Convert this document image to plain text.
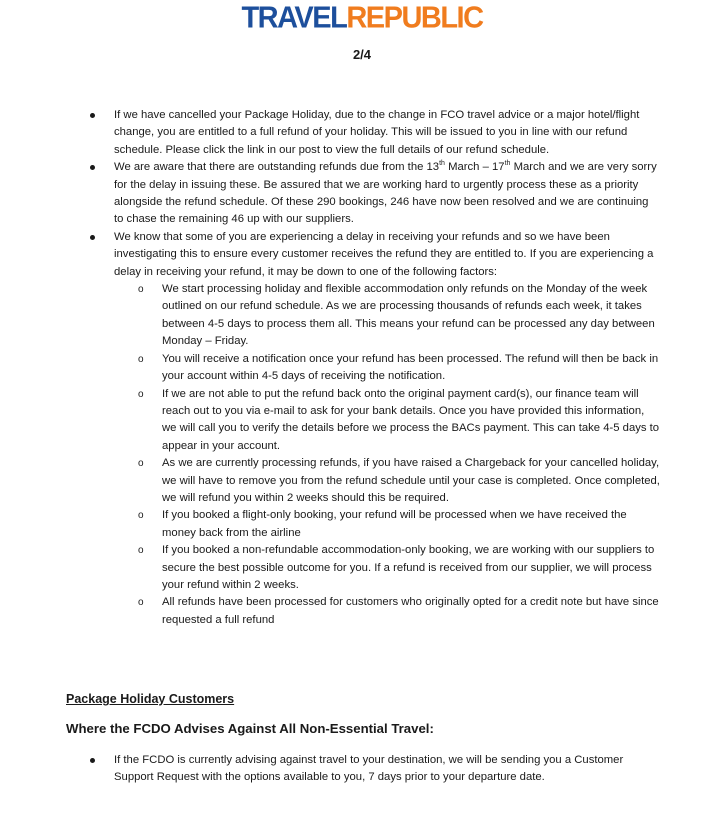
TRAVELREPUBLIC
2/4
If we have cancelled your Package Holiday, due to the change in FCO travel advice or a major hotel/flight change, you are entitled to a full refund of your holiday. This will be issued to you in line with our refund schedule. Please click the link in our post to view the full details of our refund schedule.
We are aware that there are outstanding refunds due from the 13th March – 17th March and we are very sorry for the delay in issuing these. Be assured that we are working hard to urgently process these as a priority alongside the refund schedule. Of these 290 bookings, 246 have now been resolved and we are continuing to chase the remaining 46 up with our suppliers.
We know that some of you are experiencing a delay in receiving your refunds and so we have been investigating this to ensure every customer receives the refund they are entitled to. If you are experiencing a delay in receiving your refund, it may be down to one of the following factors:
o We start processing holiday and flexible accommodation only refunds on the Monday of the week outlined on our refund schedule. As we are processing thousands of refunds each week, it takes between 4-5 days to process them all. This means your refund can be processed any day between Monday – Friday.
o You will receive a notification once your refund has been processed. The refund will then be back in your account within 4-5 days of receiving the notification.
o If we are not able to put the refund back onto the original payment card(s), our finance team will reach out to you via e-mail to ask for your bank details. Once you have provided this information, we will call you to verify the details before we process the BACs payment. This can take 4-5 days to appear in your account.
o As we are currently processing refunds, if you have raised a Chargeback for your cancelled holiday, we will have to remove you from the refund schedule until your case is completed. Once completed, we will refund you within 2 weeks should this be required.
o If you booked a flight-only booking, your refund will be processed when we have received the money back from the airline
o If you booked a non-refundable accommodation-only booking, we are working with our suppliers to secure the best possible outcome for you. If a refund is received from our supplier, we will process your refund within 2 weeks.
o All refunds have been processed for customers who originally opted for a credit note but have since requested a full refund
Package Holiday Customers
Where the FCDO Advises Against All Non-Essential Travel:
If the FCDO is currently advising against travel to your destination, we will be sending you a Customer Support Request with the options available to you, 7 days prior to your departure date.
